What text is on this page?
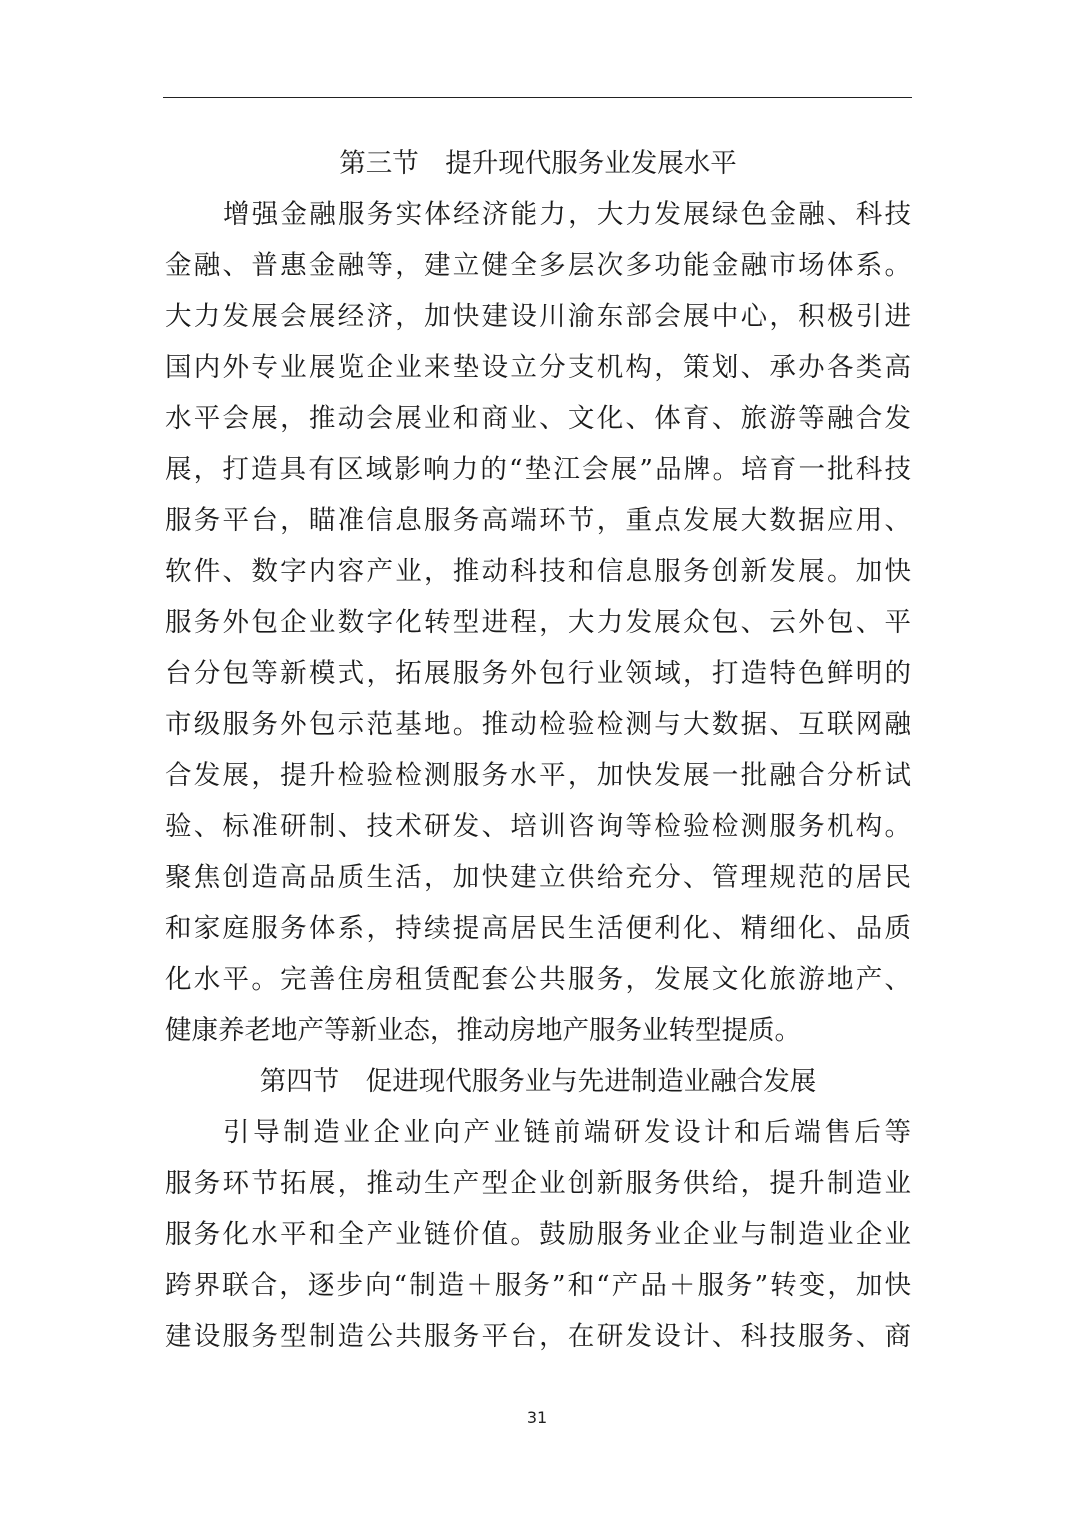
第三节　提升现代服务业发展水平
增强金融服务实体经济能力，大力发展绿色金融、科技
金融、普惠金融等，建立健全多层次多功能金融市场体系。
大力发展会展经济，加快建设川渝东部会展中心，积极引进
国内外专业展览企业来垫设立分支机构，策划、承办各类高
水平会展，推动会展业和商业、文化、体育、旅游等融合发
展，打造具有区域影响力的“垫江会展”品牌。培育一批科技
服务平台，瞄准信息服务高端环节，重点发展大数据应用、
软件、数字内容产业，推动科技和信息服务创新发展。加快
服务外包企业数字化转型进程，大力发展众包、云外包、平
台分包等新模式，拓展服务外包行业领域，打造特色鲜明的
市级服务外包示范基地。推动检验检测与大数据、互联网融
合发展，提升检验检测服务水平，加快发展一批融合分析试
验、标准研制、技术研发、培训咨询等检验检测服务机构。
聚焦创造高品质生活，加快建立供给充分、管理规范的居民
和家庭服务体系，持续提高居民生活便利化、精细化、品质
化水平。完善住房租赁配套公共服务，发展文化旅游地产、
健康养老地产等新业态，推动房地产服务业转型提质。
第四节　促进现代服务业与先进制造业融合发展
引导制造业企业向产业链前端研发设计和后端售后等
服务环节拓展，推动生产型企业创新服务供给，提升制造业
服务化水平和全产业链价值。鼓励服务业企业与制造业企业
跨界联合，逐步向“制造＋服务”和“产品＋服务”转变，加快
建设服务型制造公共服务平台，在研发设计、科技服务、商
31
